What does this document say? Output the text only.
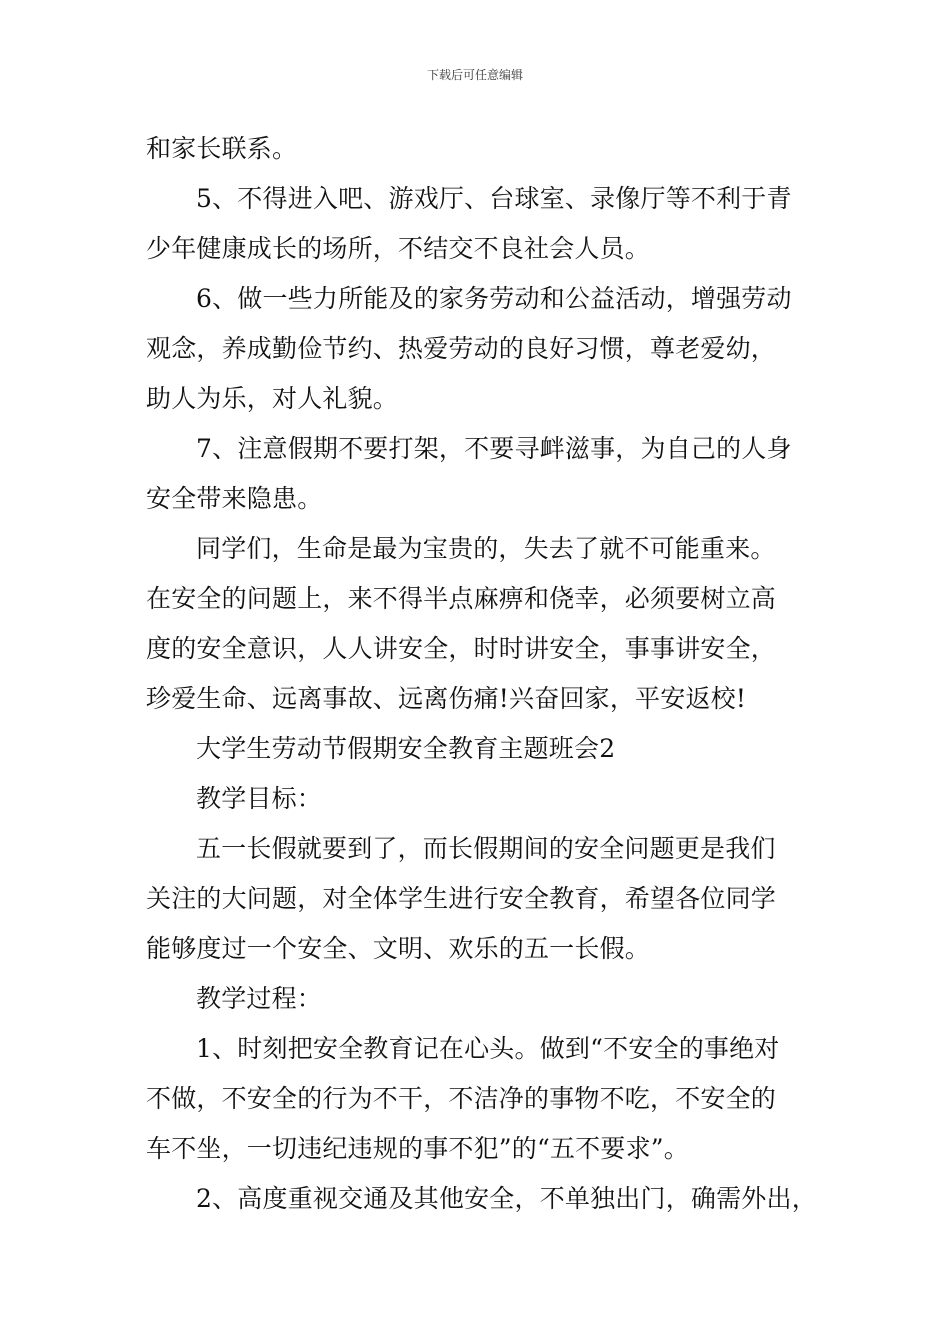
下载后可任意编辑
和家长联系。
5、不得进入吧、游戏厅、台球室、录像厅等不利于青
少年健康成长的场所，不结交不良社会人员。
6、做一些力所能及的家务劳动和公益活动，增强劳动
观念，养成勤俭节约、热爱劳动的良好习惯，尊老爱幼，
助人为乐，对人礼貌。
7、注意假期不要打架，不要寻衅滋事，为自己的人身
安全带来隐患。
同学们，生命是最为宝贵的，失去了就不可能重来。
在安全的问题上，来不得半点麻痹和侥幸，必须要树立高
度的安全意识，人人讲安全，时时讲安全，事事讲安全，
珍爱生命、远离事故、远离伤痛!兴奋回家，平安返校!
大学生劳动节假期安全教育主题班会2
教学目标：
五一长假就要到了，而长假期间的安全问题更是我们
关注的大问题，对全体学生进行安全教育，希望各位同学
能够度过一个安全、文明、欢乐的五一长假。
教学过程：
1、时刻把安全教育记在心头。做到“不安全的事绝对
不做，不安全的行为不干，不洁净的事物不吃，不安全的
车不坐，一切违纪违规的事不犯”的“五不要求”。
2、高度重视交通及其他安全，不单独出门，确需外出，
